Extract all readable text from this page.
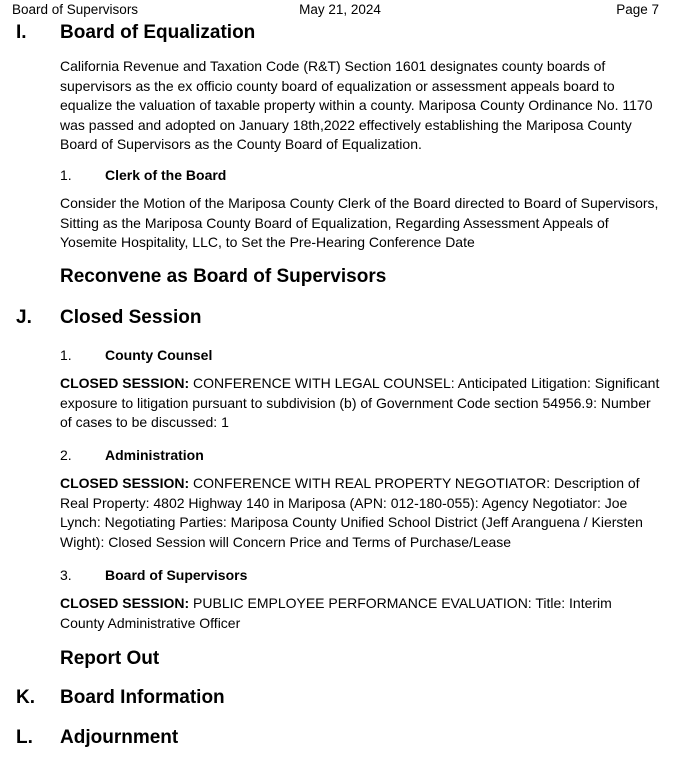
Board of Supervisors	May 21, 2024	Page 7
I. Board of Equalization

California Revenue and Taxation Code (R&T) Section 1601 designates county boards of supervisors as the ex officio county board of equalization or assessment appeals board to equalize the valuation of taxable property within a county. Mariposa County Ordinance No. 1170 was passed and adopted on January 18th,2022 effectively establishing the Mariposa County Board of Supervisors as the County Board of Equalization.

1. Clerk of the Board

Consider the Motion of the Mariposa County Clerk of the Board directed to Board of Supervisors, Sitting as the Mariposa County Board of Equalization, Regarding Assessment Appeals of Yosemite Hospitality, LLC, to Set the Pre-Hearing Conference Date

Reconvene as Board of Supervisors
J. Closed Session
1. County Counsel

CLOSED SESSION: CONFERENCE WITH LEGAL COUNSEL: Anticipated Litigation: Significant exposure to litigation pursuant to subdivision (b) of Government Code section 54956.9: Number of cases to be discussed: 1

2. Administration

CLOSED SESSION: CONFERENCE WITH REAL PROPERTY NEGOTIATOR: Description of Real Property: 4802 Highway 140 in Mariposa (APN: 012-180-055): Agency Negotiator: Joe Lynch: Negotiating Parties: Mariposa County Unified School District (Jeff Aranguena / Kiersten Wight): Closed Session will Concern Price and Terms of Purchase/Lease

3. Board of Supervisors

CLOSED SESSION: PUBLIC EMPLOYEE PERFORMANCE EVALUATION: Title: Interim County Administrative Officer

Report Out
K. Board Information
L. Adjournment
